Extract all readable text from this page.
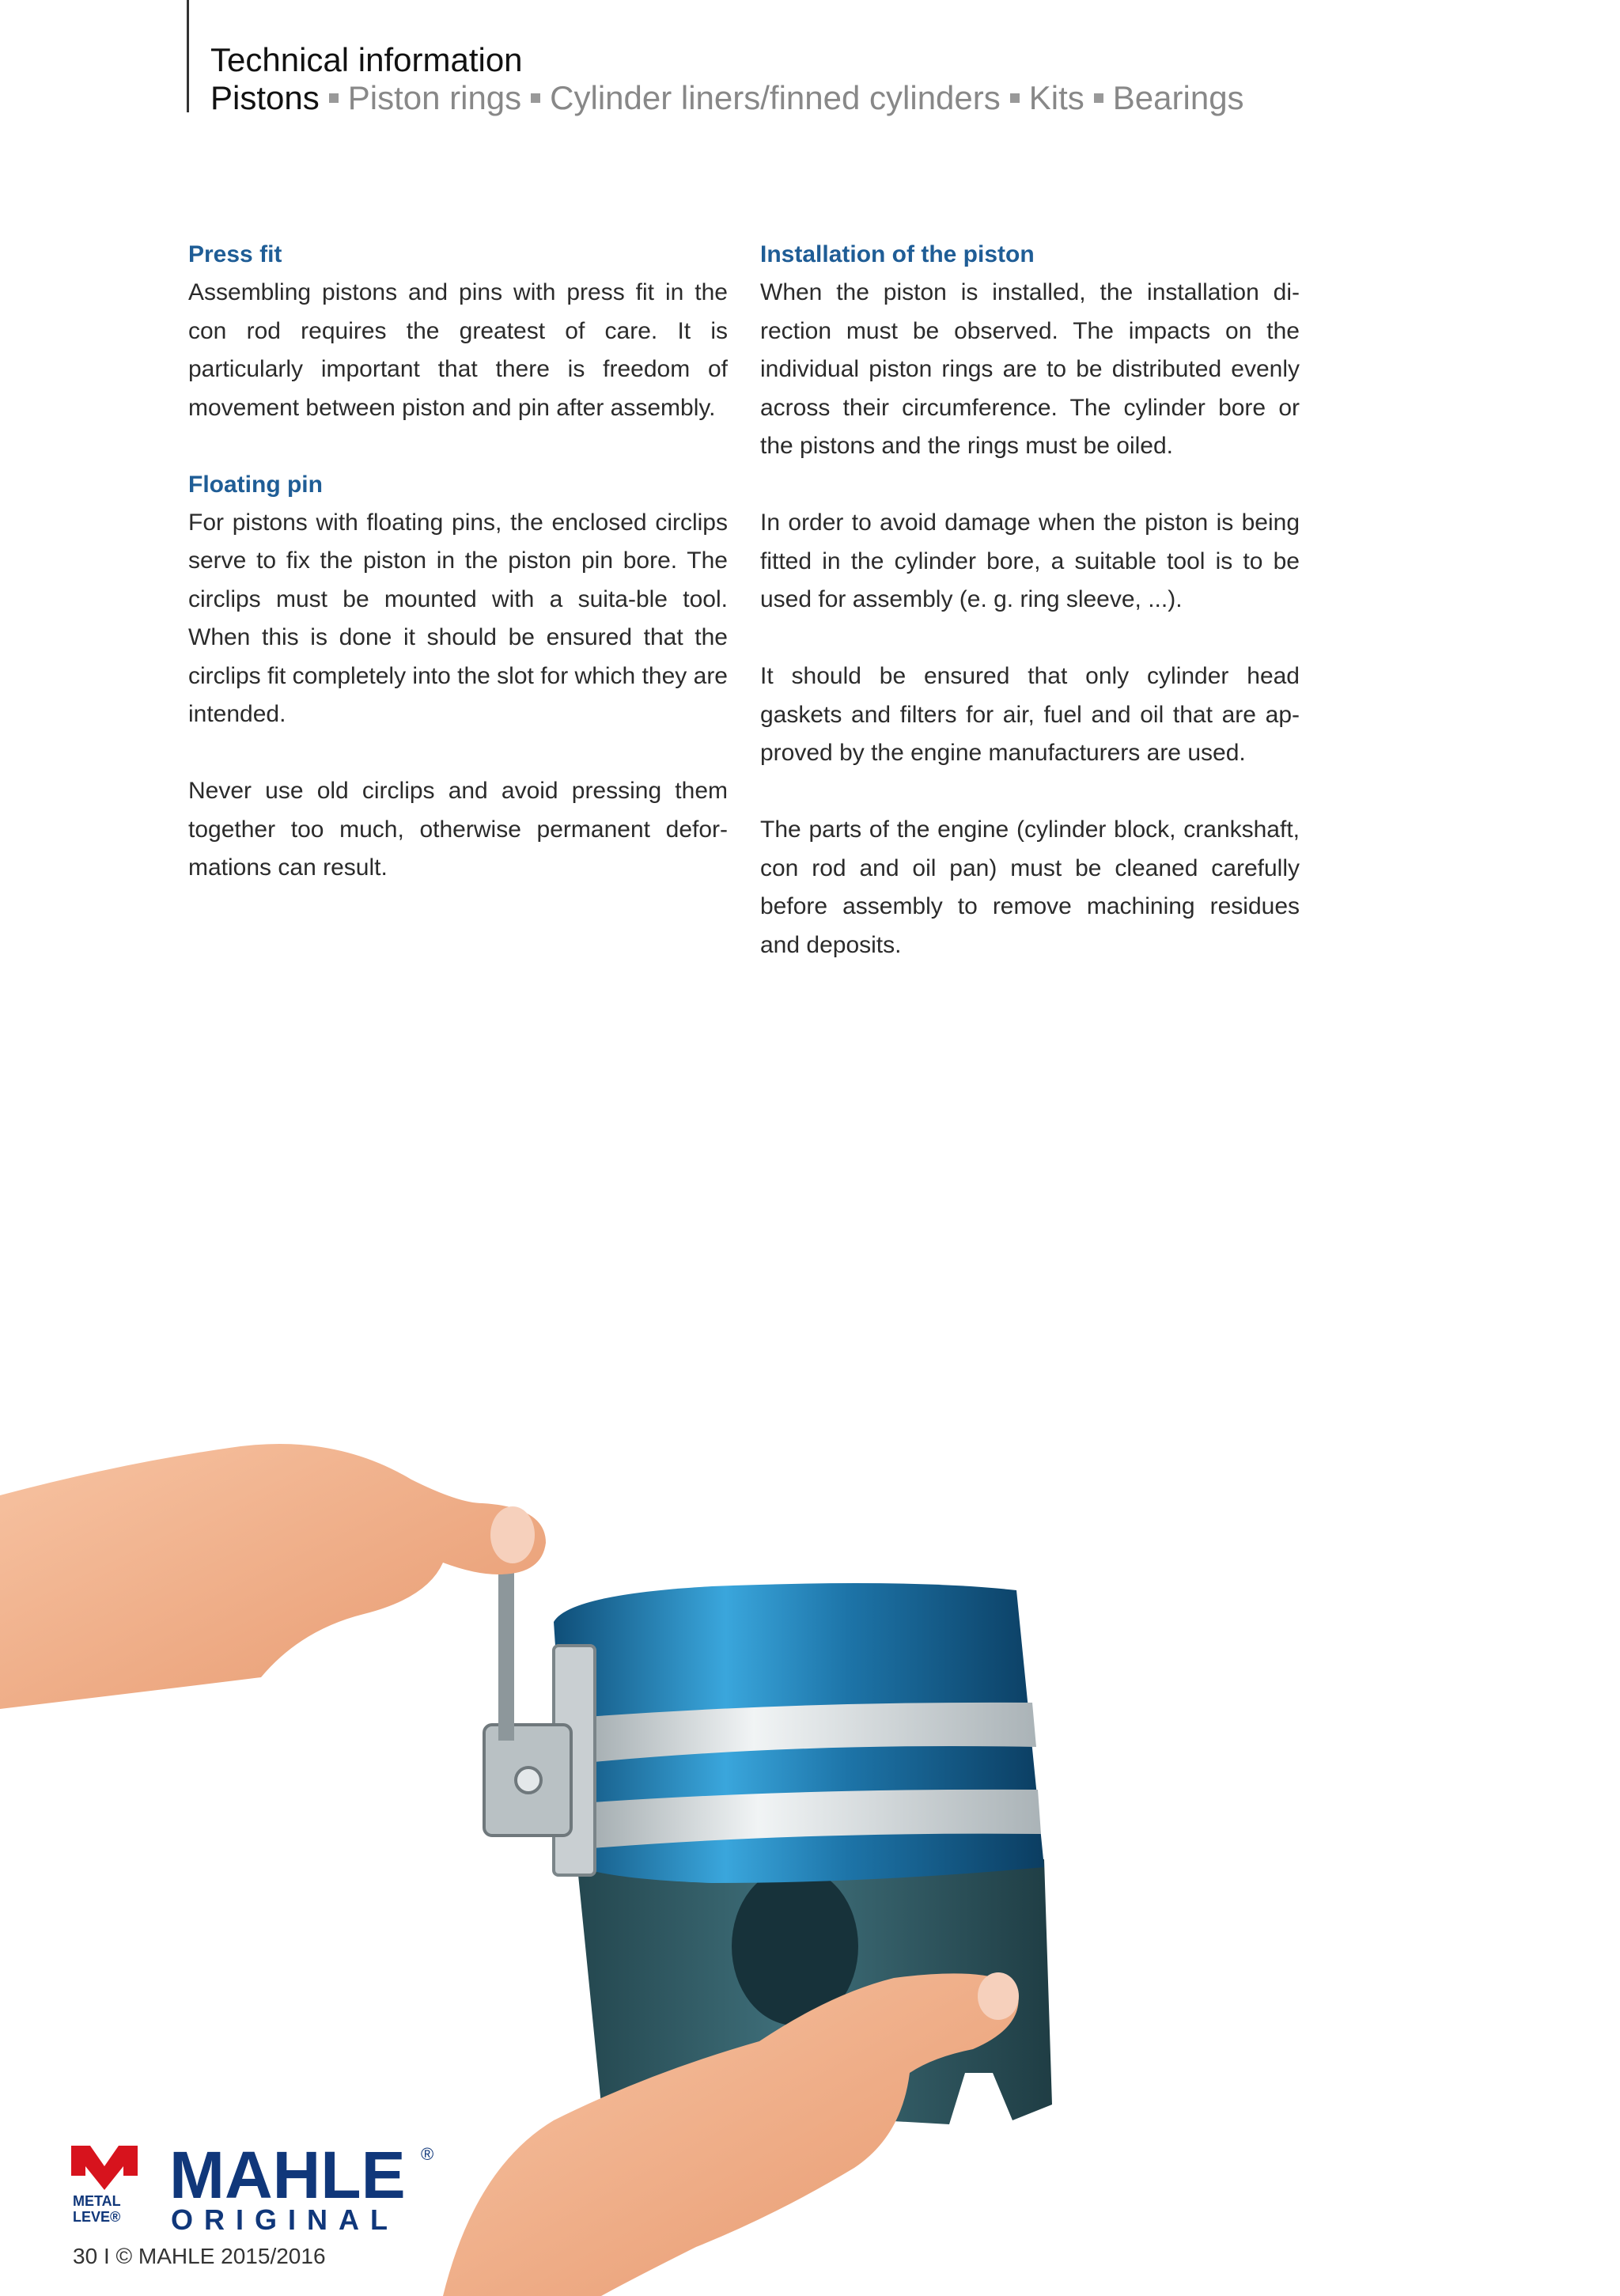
Technical information
Pistons Piston rings Cylinder liners/finned cylinders Kits Bearings
Press fit

Assembling pistons and pins with press fit in the con rod requires the greatest of care. It is particularly important that there is freedom of movement between piston and pin after assembly.

Floating pin

For pistons with floating pins, the enclosed circlips serve to fix the piston in the piston pin bore. The circlips must be mounted with a suita-ble tool. When this is done it should be ensured that the circlips fit completely into the slot for which they are intended.

Never use old circlips and avoid pressing them together too much, otherwise permanent defor-mations can result.

Installation of the piston

When the piston is installed, the installation di-rection must be observed. The impacts on the individual piston rings are to be distributed evenly across their circumference. The cylinder bore or the pistons and the rings must be oiled.

In order to avoid damage when the piston is being fitted in the cylinder bore, a suitable tool is to be used for assembly (e. g. ring sleeve, ...).

It should be ensured that only cylinder head gaskets and filters for air, fuel and oil that are ap-proved by the engine manufacturers are used.

The parts of the engine (cylinder block, crankshaft, con rod and oil pan) must be cleaned carefully before assembly to remove machining residues and deposits.

METAL
LEVE®
MAHLE ®
ORIGINAL
30 I © MAHLE 2015/2016
